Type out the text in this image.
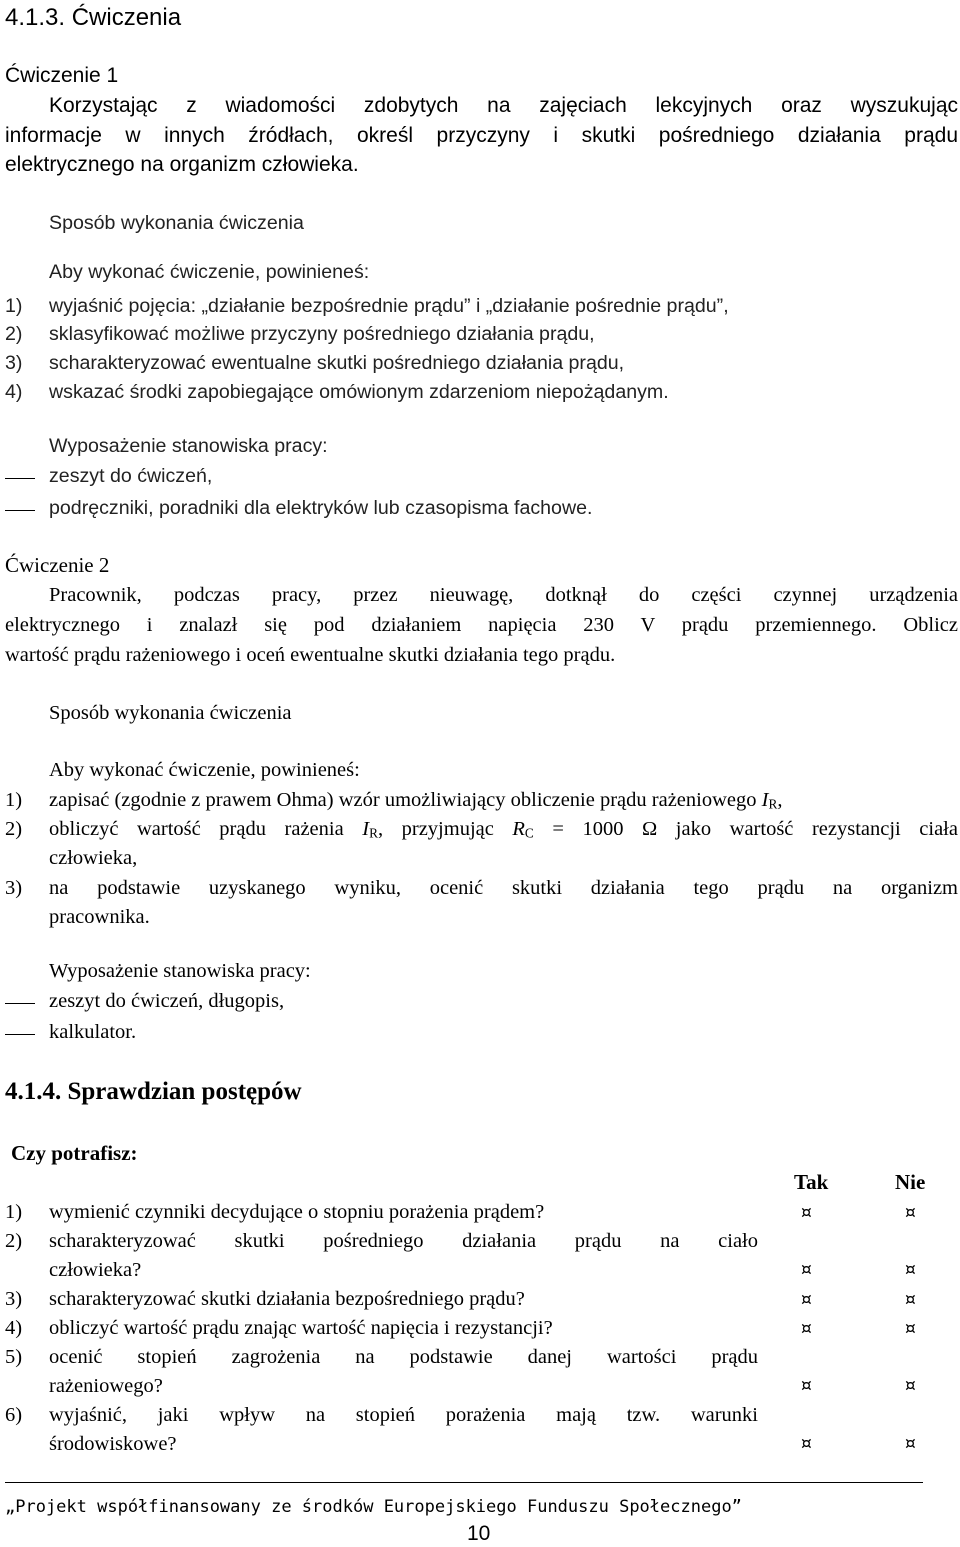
4.1.3. Ćwiczenia
Ćwiczenie 1
Korzystając z wiadomości zdobytych na zajęciach lekcyjnych oraz wyszukując
informacje w innych źródłach, określ przyczyny i skutki pośredniego działania prądu
elektrycznego na organizm człowieka.
Sposób wykonania ćwiczenia
Aby wykonać ćwiczenie, powinieneś:
1) wyjaśnić pojęcia: „działanie bezpośrednie prądu” i „działanie pośrednie prądu”,
2) sklasyfikować możliwe przyczyny pośredniego działania prądu,
3) scharakteryzować ewentualne skutki pośredniego działania prądu,
4) wskazać środki zapobiegające omówionym zdarzeniom niepożądanym.
Wyposażenie stanowiska pracy:
zeszyt do ćwiczeń,
podręczniki, poradniki dla elektryków lub czasopisma fachowe.
Ćwiczenie 2
Pracownik, podczas pracy, przez nieuwagę, dotknął do części czynnej urządzenia
elektrycznego i znalazł się pod działaniem napięcia 230 V prądu przemiennego. Oblicz
wartość prądu rażeniowego i oceń ewentualne skutki działania tego prądu.
Sposób wykonania ćwiczenia
Aby wykonać ćwiczenie, powinieneś:
1) zapisać (zgodnie z prawem Ohma) wzór umożliwiający obliczenie prądu rażeniowego $I_R$,
2) obliczyć wartość prądu rażenia $I_R$, przyjmując $R_C = 1000$ Ω jako wartość rezystancji ciała
człowieka,
3) na podstawie uzyskanego wyniku, ocenić skutki działania tego prądu na organizm
pracownika.
Wyposażenie stanowiska pracy:
zeszyt do ćwiczeń, długopis,
kalkulator.
4.1.4. Sprawdzian postępów
Czy potrafisz:
Tak	Nie
1) wymienić czynniki decydujące o stopniu porażenia prądem?	¤	¤
2) scharakteryzować skutki pośredniego działania prądu na ciało
człowieka?	¤	¤
3) scharakteryzować skutki działania bezpośredniego prądu?	¤	¤
4) obliczyć wartość prądu znając wartość napięcia i rezystancji?	¤	¤
5) ocenić stopień zagrożenia na podstawie danej wartości prądu
rażeniowego?	¤	¤
6) wyjaśnić, jaki wpływ na stopień porażenia mają tzw. warunki
środowiskowe?	¤	¤
„Projekt współfinansowany ze środków Europejskiego Funduszu Społecznego”
10
